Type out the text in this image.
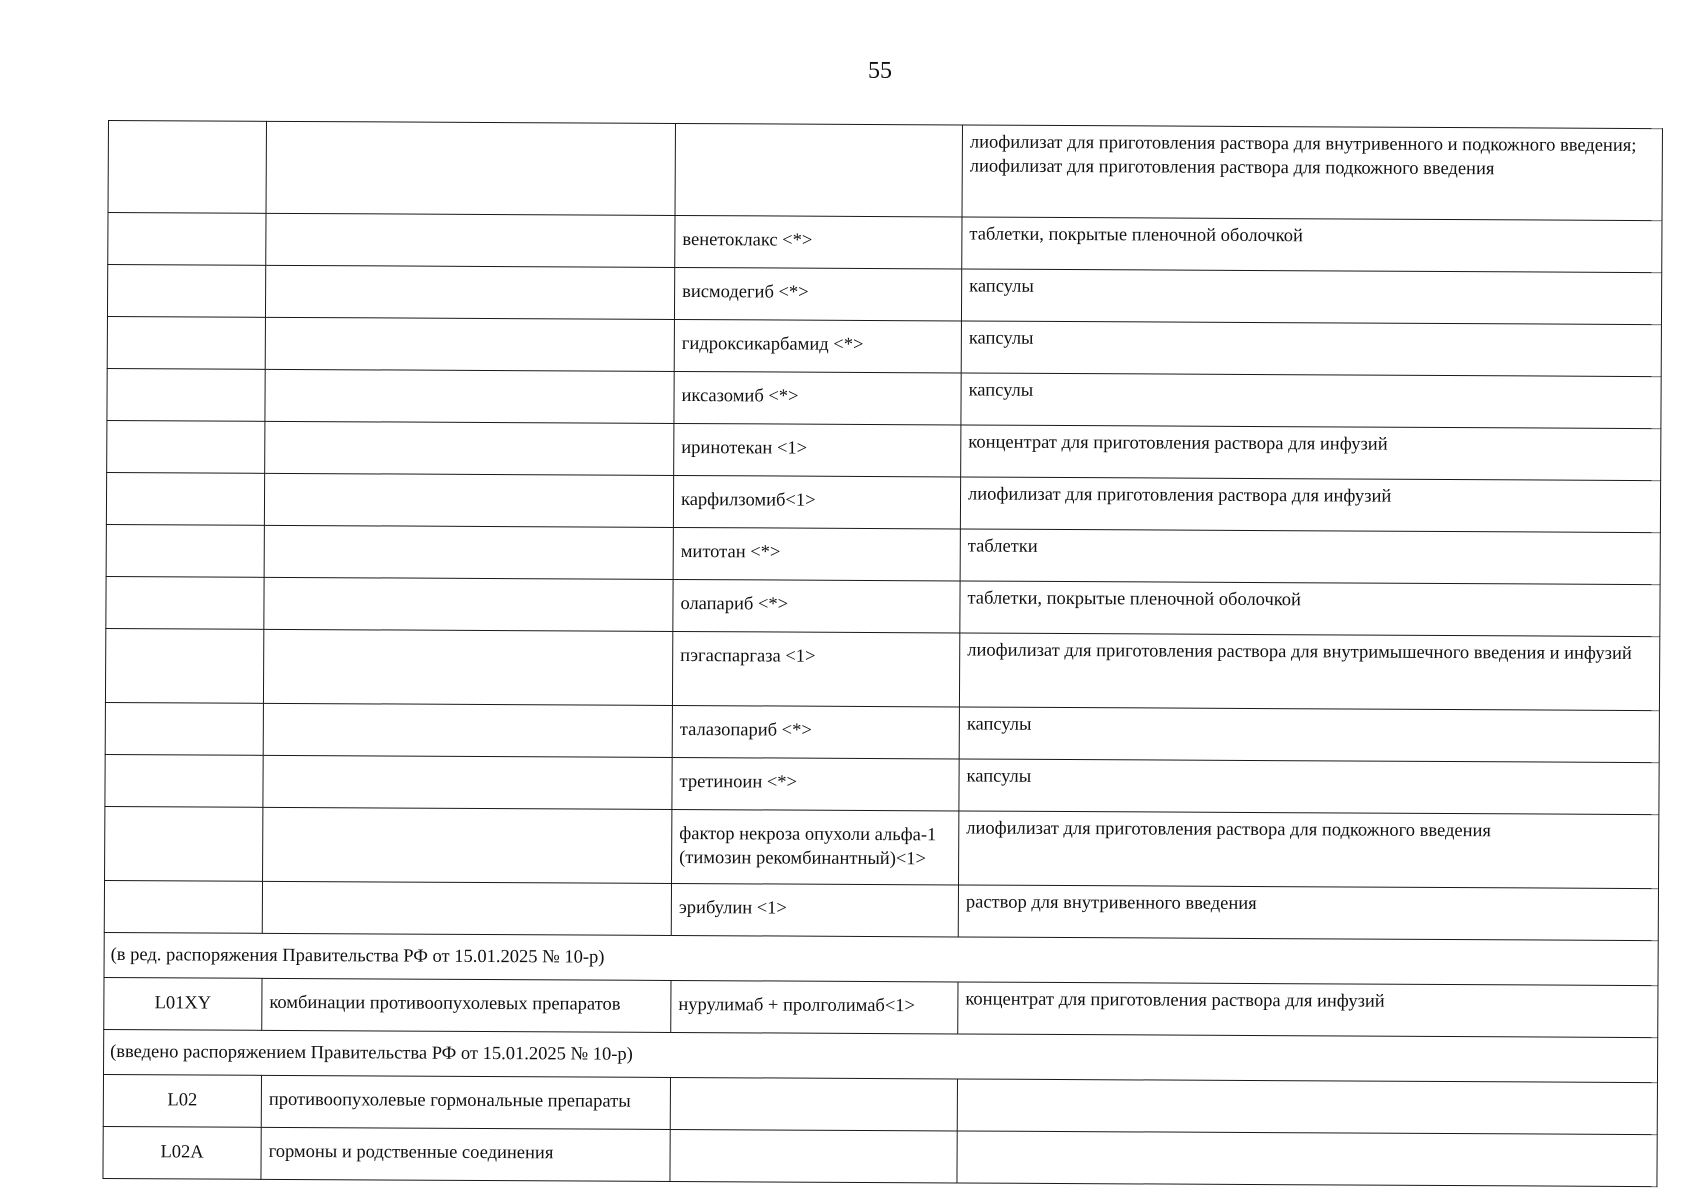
55
			лиофилизат для приготовления раствора для внутривенного и подкожного введения;
лиофилизат для приготовления раствора для подкожного введения
		венетоклакс <*>	таблетки, покрытые пленочной оболочкой
		висмодегиб <*>	капсулы
		гидроксикарбамид <*>	капсулы
		иксазомиб <*>	капсулы
		иринотекан <1>	концентрат для приготовления раствора для инфузий
		карфилзомиб<1>	лиофилизат для приготовления раствора для инфузий
		митотан <*>	таблетки
		олапариб <*>	таблетки, покрытые пленочной оболочкой
		пэгаспаргаза <1>	лиофилизат для приготовления раствора для внутримышечного введения и инфузий
		талазопариб <*>	капсулы
		третиноин <*>	капсулы
		фактор некроза опухоли альфа-1 (тимозин рекомбинантный)<1>	лиофилизат для приготовления раствора для подкожного введения
		эрибулин <1>	раствор для внутривенного введения
(в ред. распоряжения Правительства РФ от 15.01.2025 № 10-р)			
L01XY	комбинации противоопухолевых препаратов	нурулимаб + пролголимаб<1>	концентрат для приготовления раствора для инфузий
(введено распоряжением Правительства РФ от 15.01.2025 № 10-р)			
L02	противоопухолевые гормональные препараты		
L02A	гормоны и родственные соединения		
